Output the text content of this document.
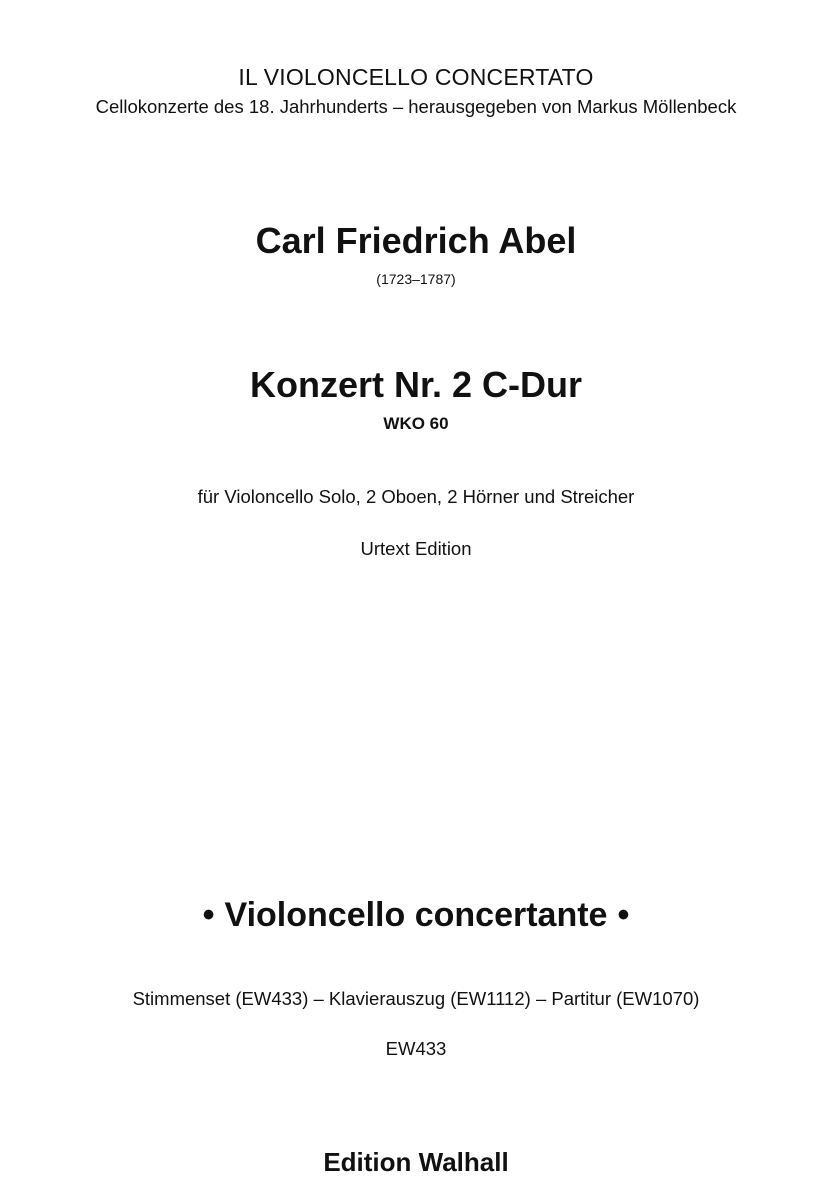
IL VIOLONCELLO CONCERTATO
Cellokonzerte des 18. Jahrhunderts – herausgegeben von Markus Möllenbeck
Carl Friedrich Abel
(1723–1787)
Konzert Nr. 2 C-Dur
WKO 60
für Violoncello Solo, 2 Oboen, 2 Hörner und Streicher
Urtext Edition
• Violoncello concertante •
Stimmenset (EW433) – Klavierauszug (EW1112) – Partitur (EW1070)
EW433
Edition Walhall
